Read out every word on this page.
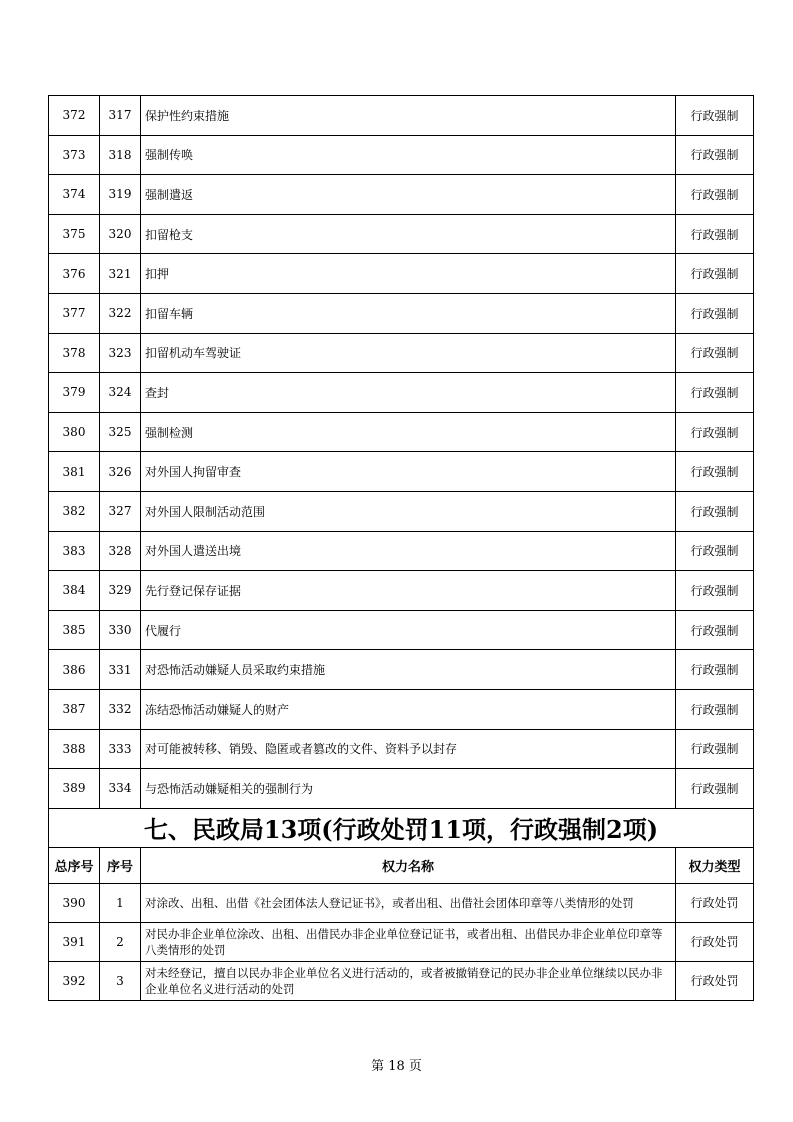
372	317	保护性约束措施	行政强制
373	318	强制传唤	行政强制
374	319	强制遣返	行政强制
375	320	扣留枪支	行政强制
376	321	扣押	行政强制
377	322	扣留车辆	行政强制
378	323	扣留机动车驾驶证	行政强制
379	324	查封	行政强制
380	325	强制检测	行政强制
381	326	对外国人拘留审查	行政强制
382	327	对外国人限制活动范围	行政强制
383	328	对外国人遣送出境	行政强制
384	329	先行登记保存证据	行政强制
385	330	代履行	行政强制
386	331	对恐怖活动嫌疑人员采取约束措施	行政强制
387	332	冻结恐怖活动嫌疑人的财产	行政强制
388	333	对可能被转移、销毁、隐匿或者篡改的文件、资料予以封存	行政强制
389	334	与恐怖活动嫌疑相关的强制行为	行政强制
七、民政局13项(行政处罚11项，行政强制2项)			
总序号	序号	权力名称	权力类型
390	1	对涂改、出租、出借《社会团体法人登记证书》，或者出租、出借社会团体印章等八类情形的处罚	行政处罚
391	2	对民办非企业单位涂改、出租、出借民办非企业单位登记证书，或者出租、出借民办非企业单位印章等八类情形的处罚	行政处罚
392	3	对未经登记，擅自以民办非企业单位名义进行活动的，或者被撤销登记的民办非企业单位继续以民办非企业单位名义进行活动的处罚	行政处罚
第 18 页
